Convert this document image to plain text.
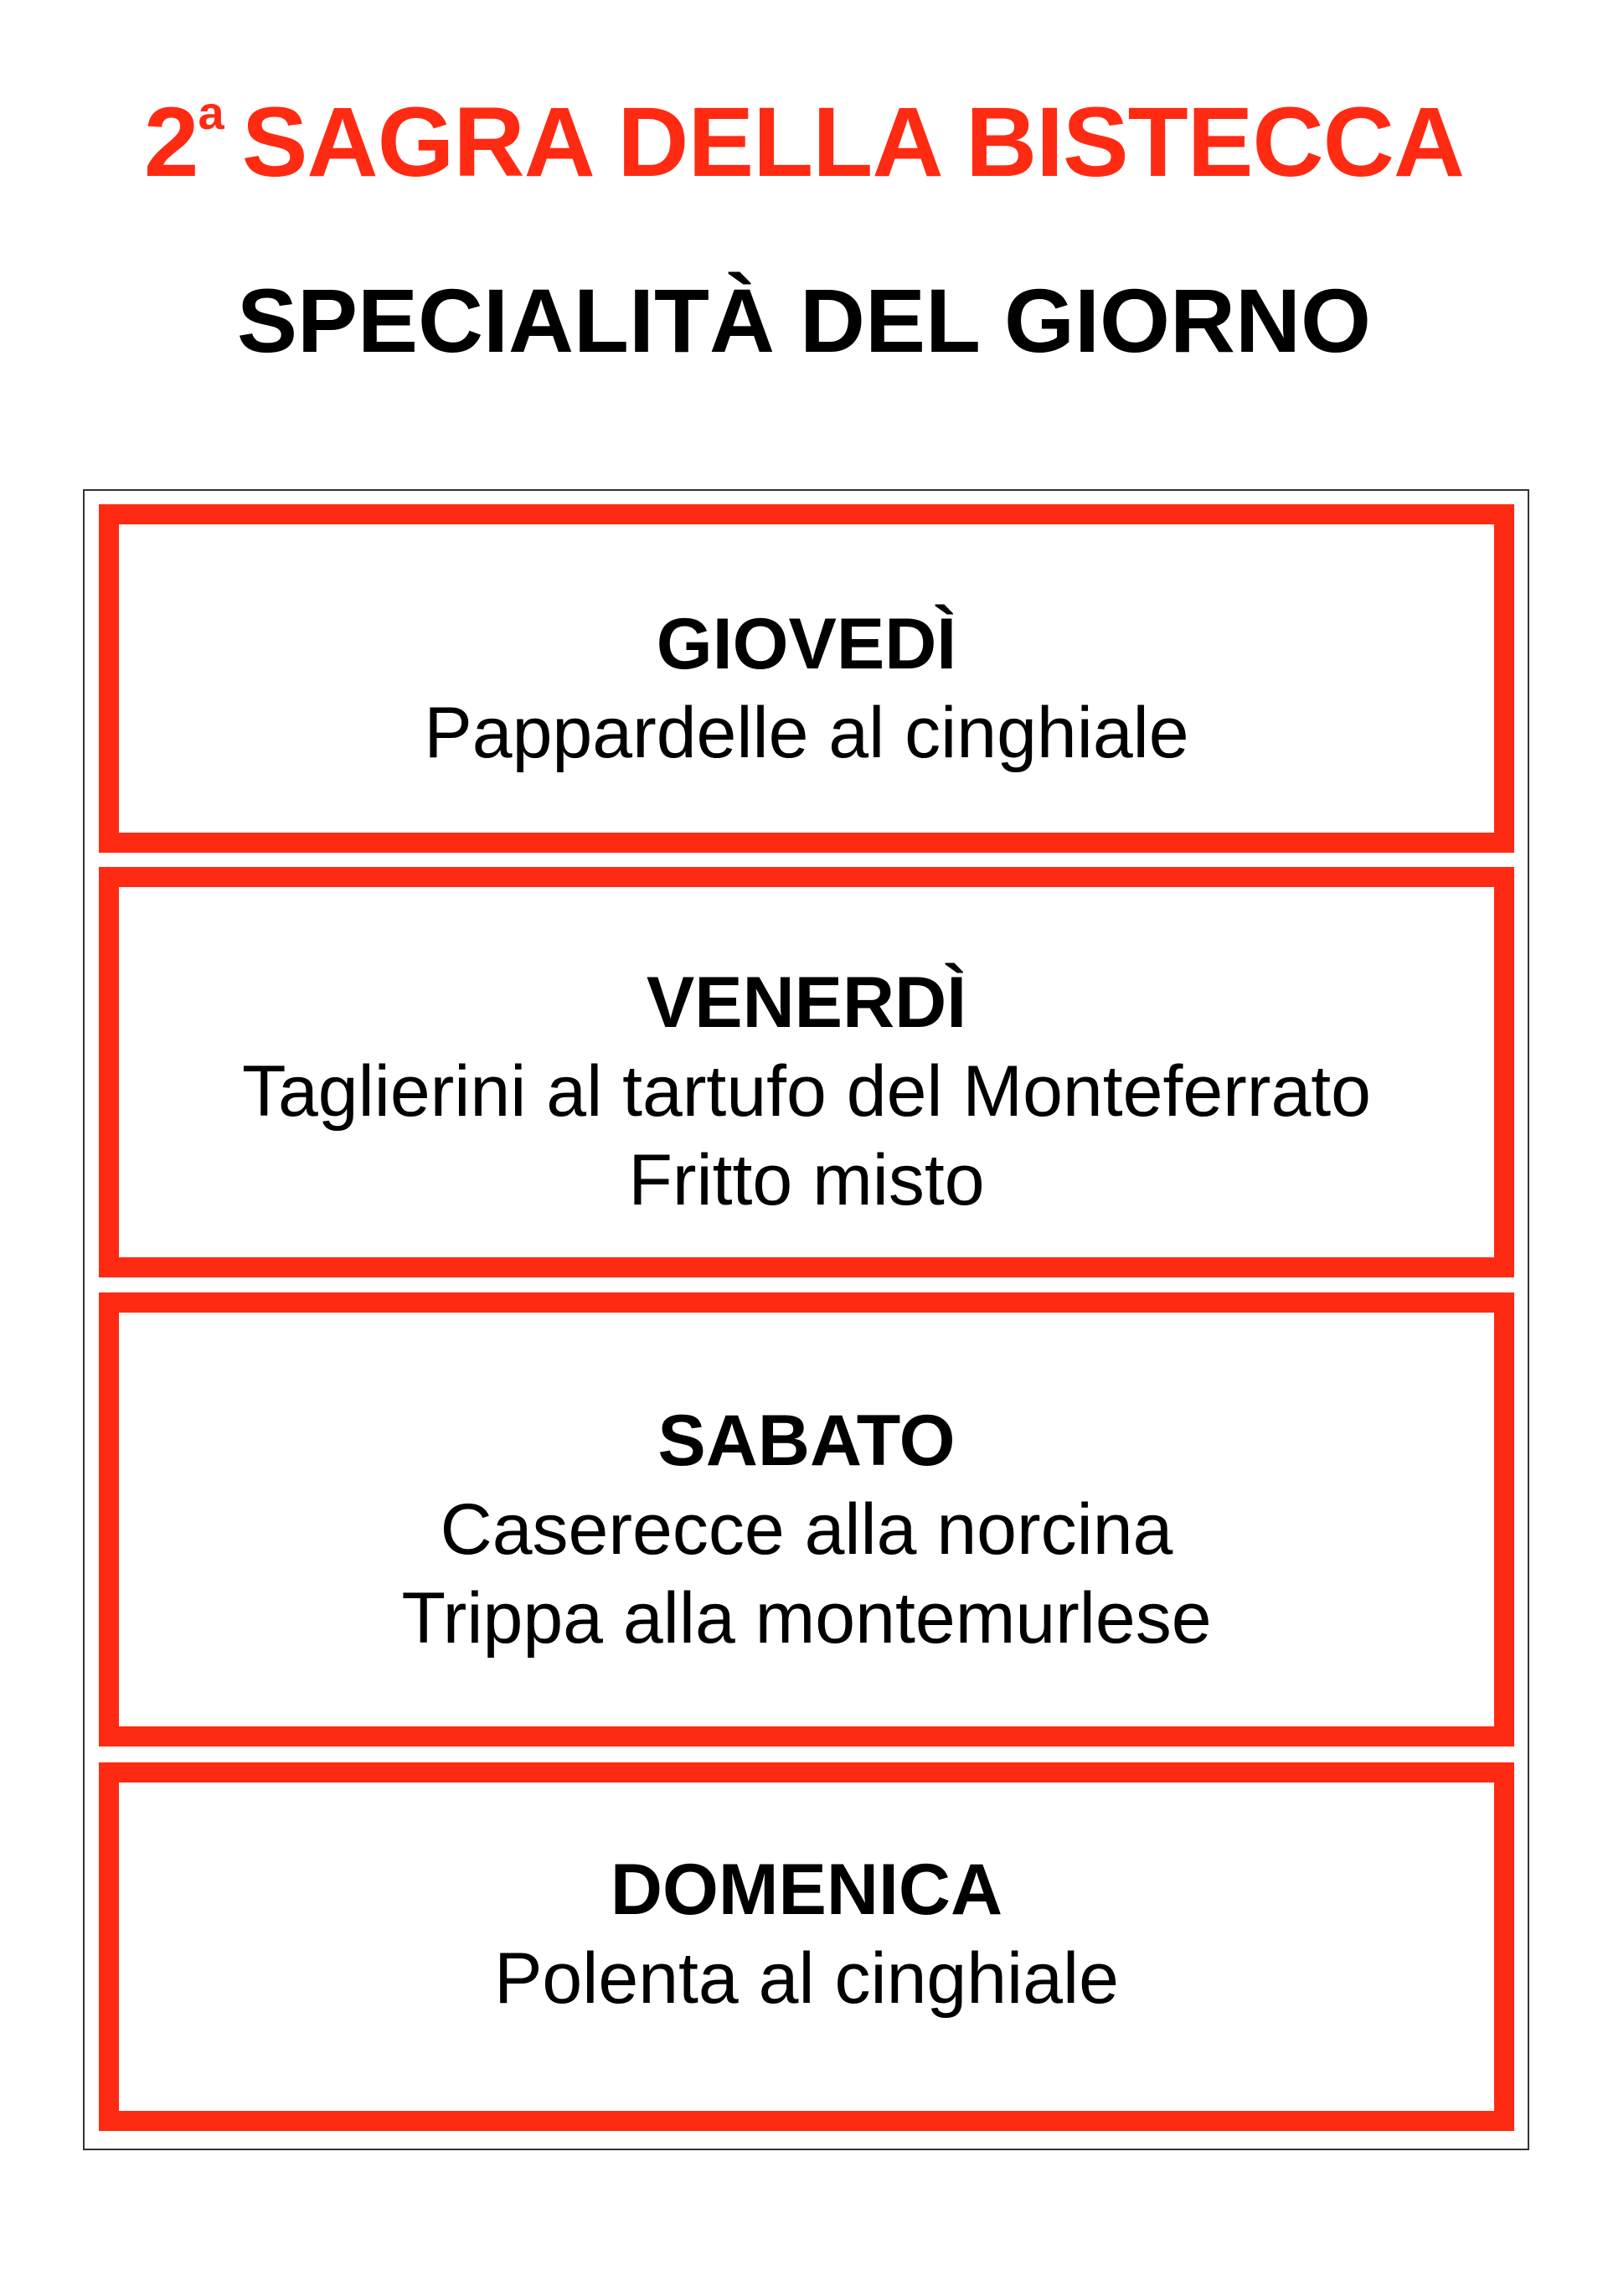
2a SAGRA DELLA BISTECCA
SPECIALITÀ DEL GIORNO
GIOVEDÌ
Pappardelle al cinghiale
VENERDÌ
Taglierini al tartufo del Monteferrato
Fritto misto
SABATO
Caserecce alla norcina
Trippa alla montemurlese
DOMENICA
Polenta al cinghiale
